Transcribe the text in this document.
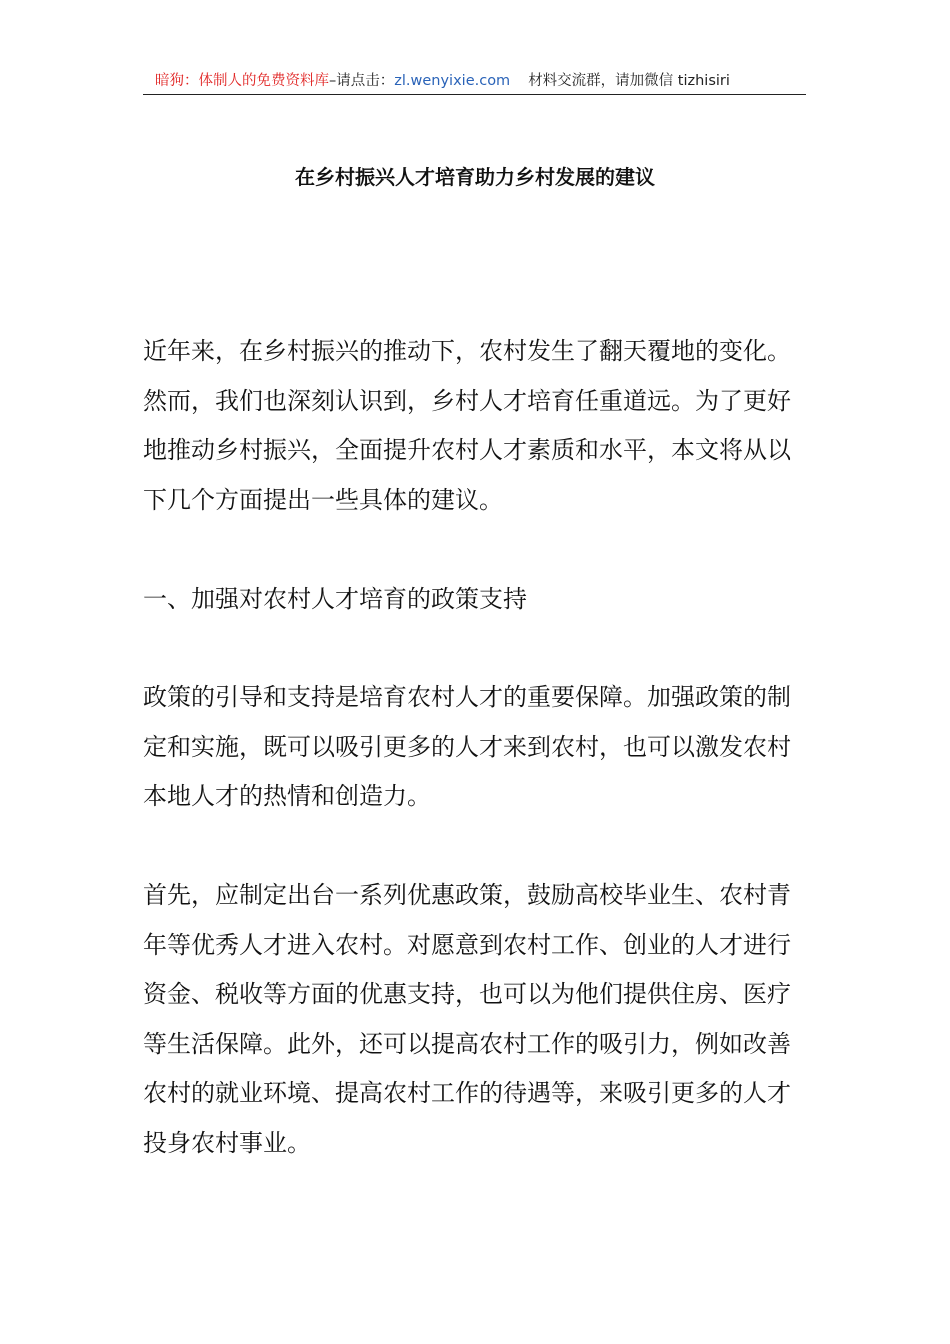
暗狗：体制人的免费资料库–请点击：zl.wenyixie.com 材料交流群，请加微信 tizhisiri
在乡村振兴人才培育助力乡村发展的建议

近年来，在乡村振兴的推动下，农村发生了翻天覆地的变化。然而，我们也深刻认识到，乡村人才培育任重道远。为了更好地推动乡村振兴，全面提升农村人才素质和水平，本文将从以下几个方面提出一些具体的建议。

一、加强对农村人才培育的政策支持

政策的引导和支持是培育农村人才的重要保障。加强政策的制定和实施，既可以吸引更多的人才来到农村，也可以激发农村本地人才的热情和创造力。

首先，应制定出台一系列优惠政策，鼓励高校毕业生、农村青年等优秀人才进入农村。对愿意到农村工作、创业的人才进行资金、税收等方面的优惠支持，也可以为他们提供住房、医疗等生活保障。此外，还可以提高农村工作的吸引力，例如改善农村的就业环境、提高农村工作的待遇等，来吸引更多的人才投身农村事业。
